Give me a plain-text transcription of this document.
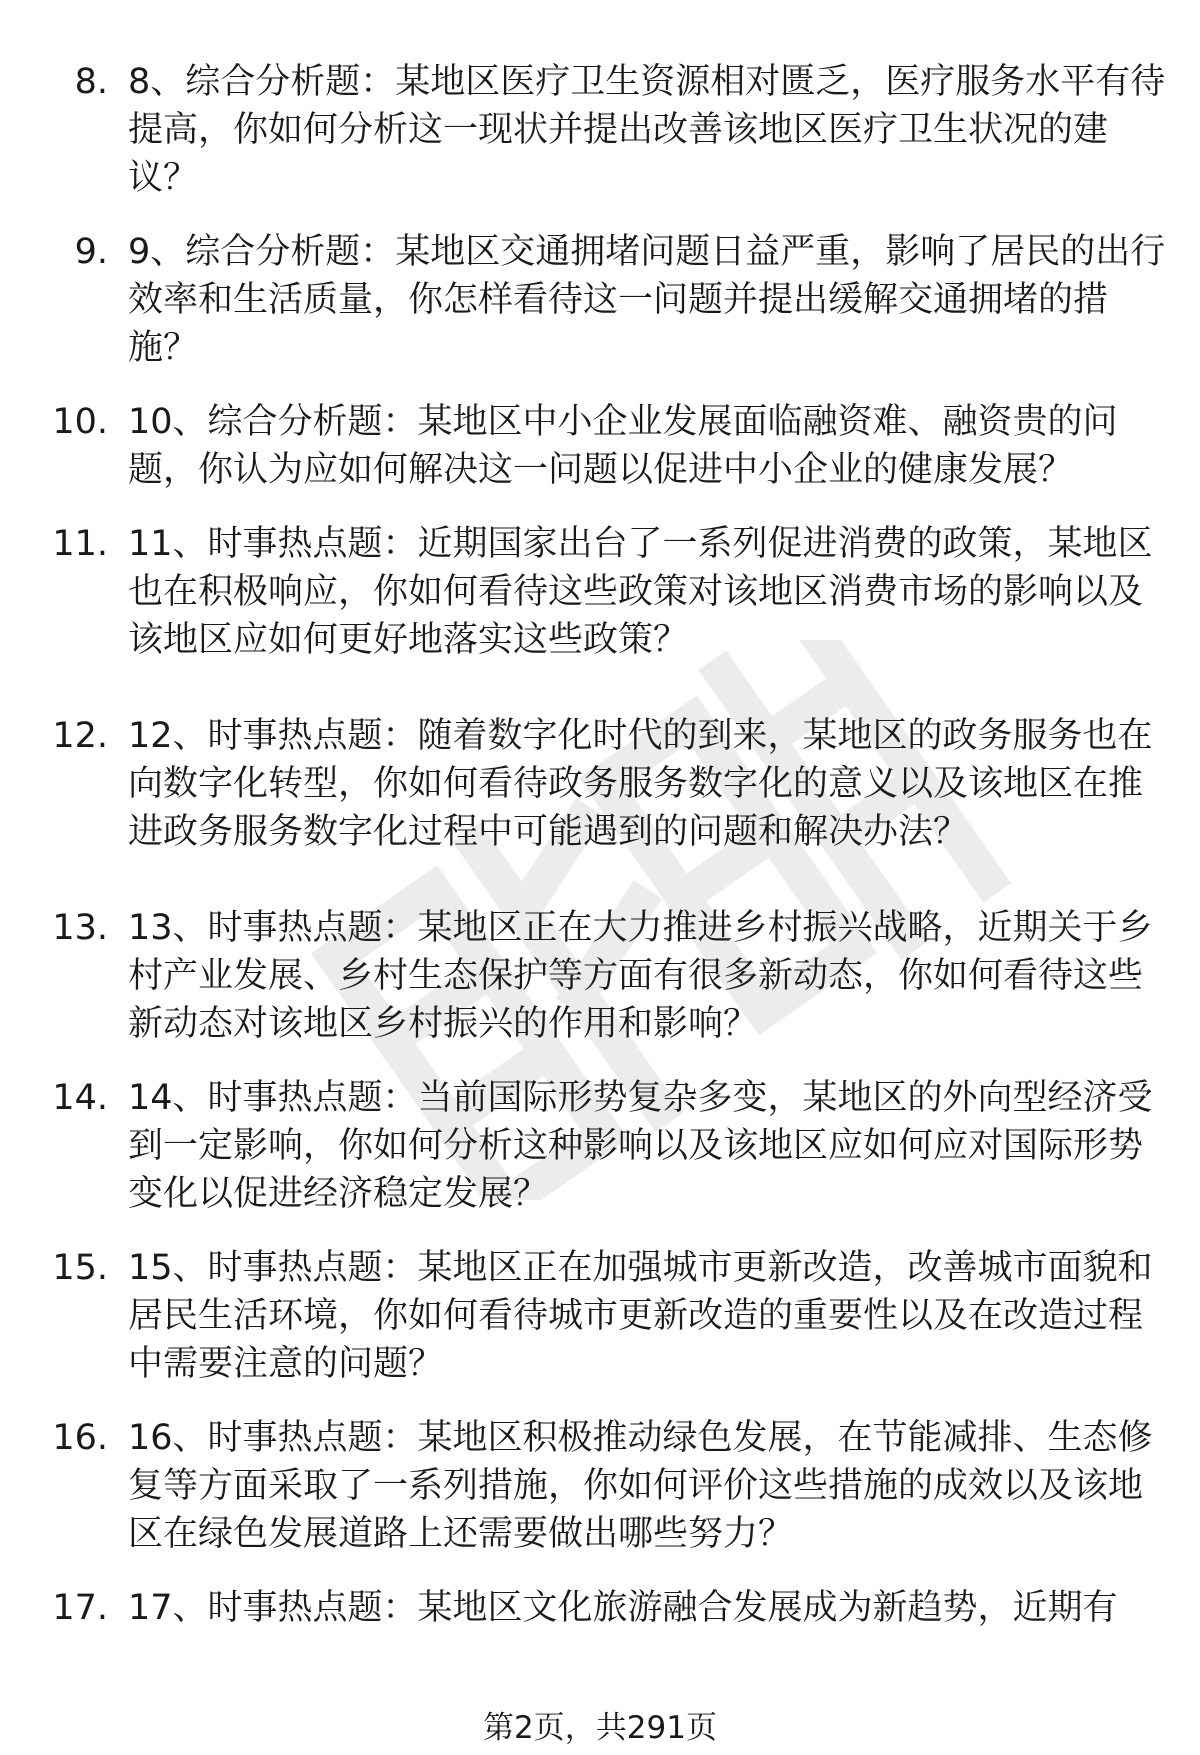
8. 8、综合分析题：某地区医疗卫生资源相对匮乏，医疗服务水平有待提高，你如何分析这一现状并提出改善该地区医疗卫生状况的建议？
9. 9、综合分析题：某地区交通拥堵问题日益严重，影响了居民的出行效率和生活质量，你怎样看待这一问题并提出缓解交通拥堵的措施？
10. 10、综合分析题：某地区中小企业发展面临融资难、融资贵的问题，你认为应如何解决这一问题以促进中小企业的健康发展？
11. 11、时事热点题：近期国家出台了一系列促进消费的政策，某地区也在积极响应，你如何看待这些政策对该地区消费市场的影响以及该地区应如何更好地落实这些政策？
12. 12、时事热点题：随着数字化时代的到来，某地区的政务服务也在向数字化转型，你如何看待政务服务数字化的意义以及该地区在推进政务服务数字化过程中可能遇到的问题和解决办法？
13. 13、时事热点题：某地区正在大力推进乡村振兴战略，近期关于乡村产业发展、乡村生态保护等方面有很多新动态，你如何看待这些新动态对该地区乡村振兴的作用和影响？
14. 14、时事热点题：当前国际形势复杂多变，某地区的外向型经济受到一定影响，你如何分析这种影响以及该地区应如何应对国际形势变化以促进经济稳定发展？
15. 15、时事热点题：某地区正在加强城市更新改造，改善城市面貌和居民生活环境，你如何看待城市更新改造的重要性以及在改造过程中需要注意的问题？
16. 16、时事热点题：某地区积极推动绿色发展，在节能减排、生态修复等方面采取了一系列措施，你如何评价这些措施的成效以及该地区在绿色发展道路上还需要做出哪些努力？
17. 17、时事热点题：某地区文化旅游融合发展成为新趋势，近期有
第2页，共291页
